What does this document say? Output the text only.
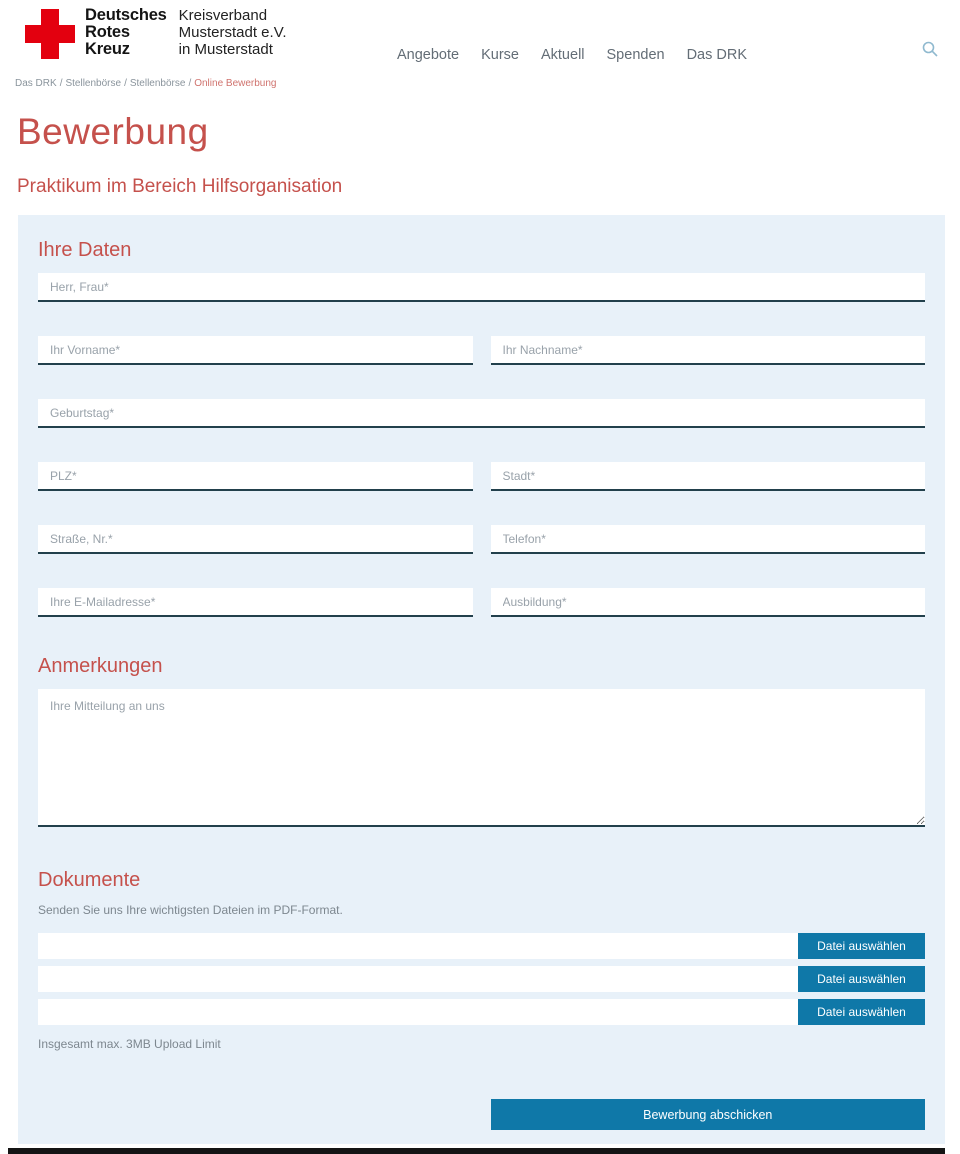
Deutsches
Rotes
Kreuz
Kreisverband
Musterstadt e.V.
in Musterstadt	Angebote Kurse Aktuell Spenden Das DRK
Das DRK / Stellenbörse / Stellenbörse / Online Bewerbung
Bewerbung
Praktikum im Bereich Hilfsorganisation
Ihre Daten
Herr, Frau*
Ihr Vorname*
Ihr Nachname*
Geburtstag*
PLZ*
Stadt*
Straße, Nr.*
Telefon*
Ihre E-Mailadresse*
Ausbildung*
Anmerkungen
Ihre Mitteilung an uns
Dokumente
Senden Sie uns Ihre wichtigsten Dateien im PDF-Format.
Datei auswählen
Datei auswählen
Datei auswählen
Insgesamt max. 3MB Upload Limit
Bewerbung abschicken
